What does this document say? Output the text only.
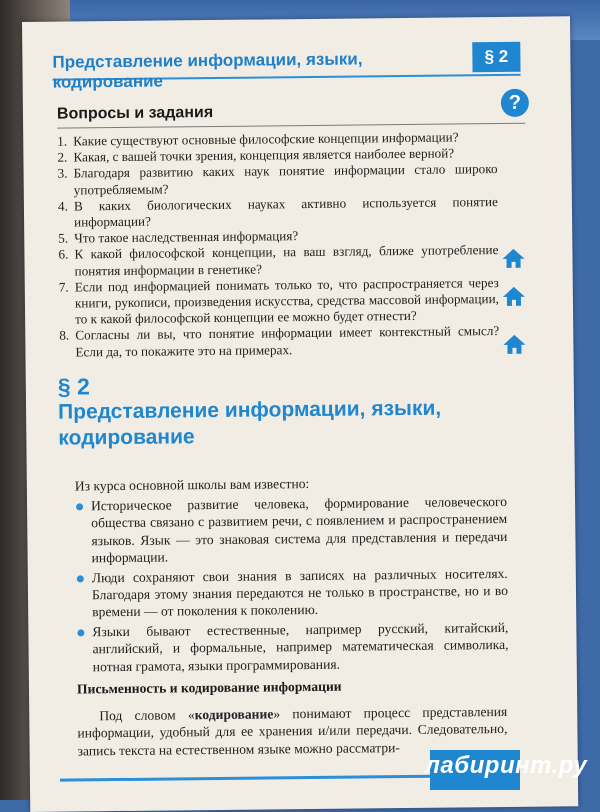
Представление информации, языки, кодирование
§ 2
Вопросы и задания	?
1. Какие существуют основные философские концепции информации?
2. Какая, с вашей точки зрения, концепция является наиболее верной?
3. Благодаря развитию каких наук понятие информации стало широко употребляемым?
4. В каких биологических науках активно используется понятие информации?
5. Что такое наследственная информация?
6. К какой философской концепции, на ваш взгляд, ближе употребление понятия информации в генетике?
7. Если под информацией понимать только то, что распространяется через книги, рукописи, произведения искусства, средства массовой информации, то к какой философской концепции ее можно будет отнести?
8. Согласны ли вы, что понятие информации имеет контекстный смысл? Если да, то покажите это на примерах.
§ 2
Представление информации, языки, кодирование
Из курса основной школы вам известно:
Историческое развитие человека, формирование человеческого общества связано с развитием речи, с появлением и распространением языков. Язык — это знаковая система для представления и передачи информации.
Люди сохраняют свои знания в записях на различных носителях. Благодаря этому знания передаются не только в пространстве, но и во времени — от поколения к поколению.
Языки бывают естественные, например русский, китайский, английский, и формальные, например математическая символика, нотная грамота, языки программирования.
Письменность и кодирование информации
Под словом «кодирование» понимают процесс представления информации, удобный для ее хранения и/или передачи. Следовательно, запись текста на естественном языке можно рассматри-
лабиринт.ру
